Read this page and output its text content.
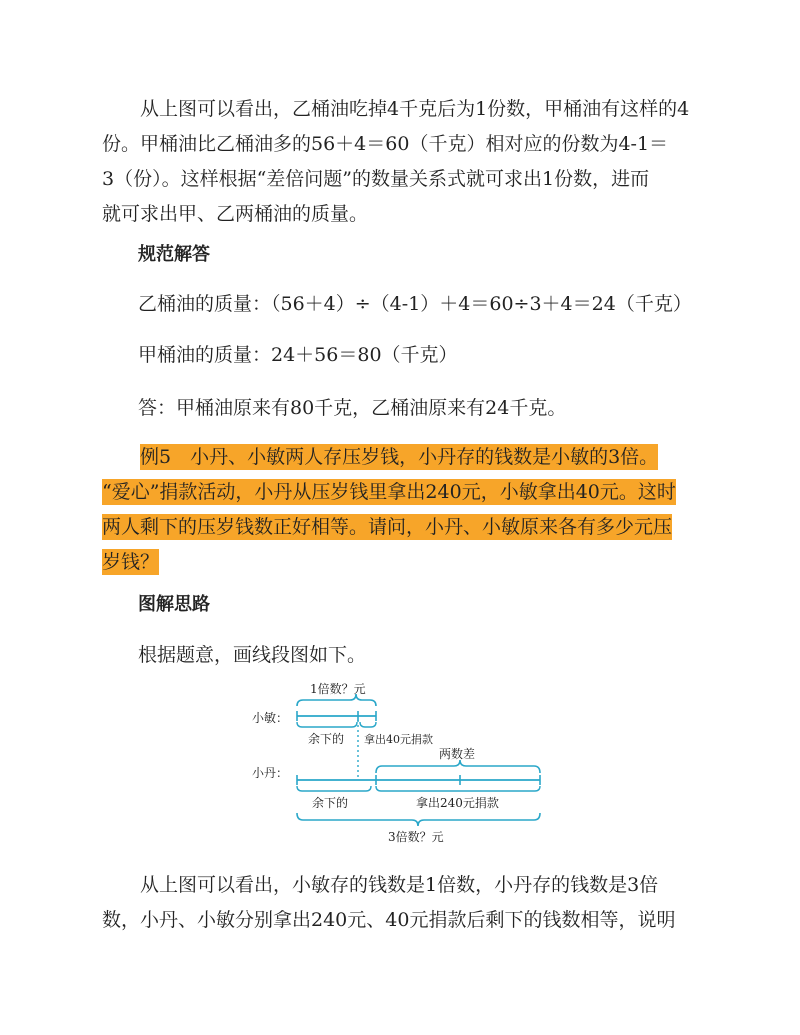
从上图可以看出，乙桶油吃掉4千克后为1份数，甲桶油有这样的4
份。甲桶油比乙桶油多的56＋4＝60（千克）相对应的份数为4-1＝
3（份）。这样根据“差倍问题”的数量关系式就可求出1份数，进而
就可求出甲、乙两桶油的质量。

规范解答
乙桶油的质量：（56＋4）÷（4-1）＋4＝60÷3＋4＝24（千克）
甲桶油的质量：24＋56＝80（千克）
答：甲桶油原来有80千克，乙桶油原来有24千克。

例5　小丹、小敏两人存压岁钱，小丹存的钱数是小敏的3倍。
“爱心”捐款活动，小丹从压岁钱里拿出240元，小敏拿出40元。这时
两人剩下的压岁钱数正好相等。请问，小丹、小敏原来各有多少元压
岁钱？

图解思路
根据题意，画线段图如下。
小敏：
1倍数？元
余下的 拿出40元捐款
小丹：
两数差
余下的	拿出240元捐款
3倍数？元

从上图可以看出，小敏存的钱数是1倍数，小丹存的钱数是3倍
数，小丹、小敏分别拿出240元、40元捐款后剩下的钱数相等，说明
